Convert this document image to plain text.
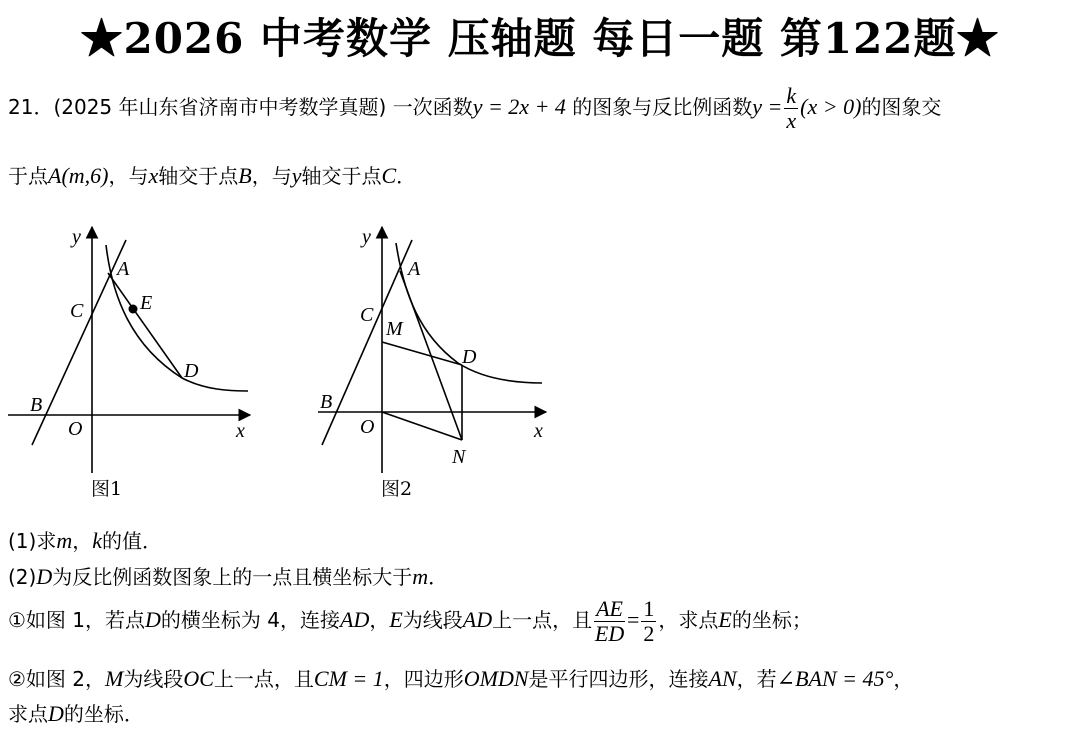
★2026 中考数学 压轴题 每日一题 第122题★
21．(2025 年山东省济南市中考数学真题) 一次函数y = 2x + 4 的图象与反比例函数$y = \frac{k}{x} (x > 0)$的图象交
于点A(m,6)，与x轴交于点B，与y轴交于点C．
y
x
O
A
B
C
D
E
图1
y
x
O
A
B
C
M
D
N
图2
(1)求m，k的值．
(2)D为反比例函数图象上的一点且横坐标大于m．
①如图 1，若点D的横坐标为 4，连接AD，E为线段AD上一点，且 $\frac{AE}{ED} = \frac{1}{2}$ ，求点E的坐标；
②如图 2，M为线段OC上一点，且CM = 1，四边形OMDN是平行四边形，连接AN，若∠BAN = 45°，
求点D的坐标．
